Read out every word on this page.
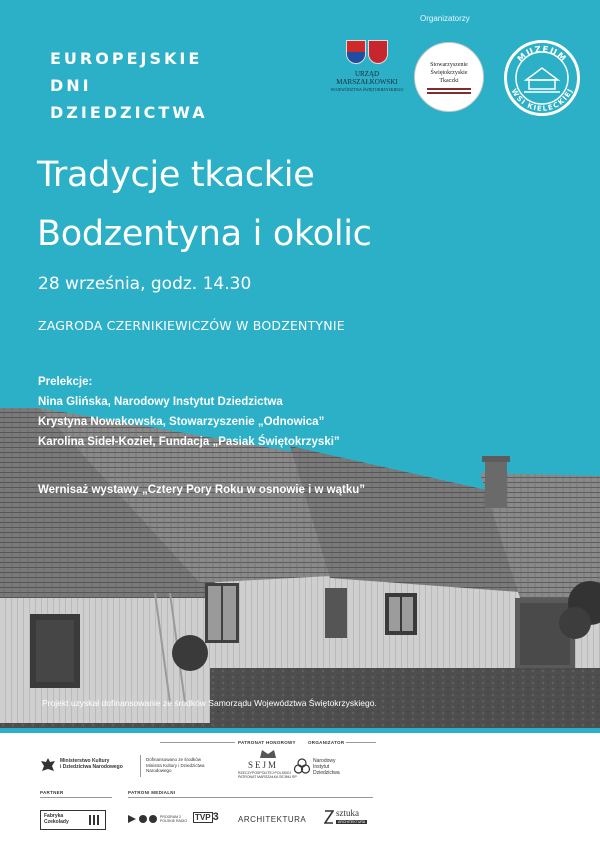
Organizatorzy
EUROPEJSKIE
DNI
DZIEDZICTWA
URZĄD MARSZAŁKOWSKI
WOJEWÓDZTWA ŚWIĘTOKRZYSKIEGO
Stowarzyszenie
Świętokrzyskie
Tkaczki
MUZEUM
WSI KIELECKIEJ
Tradycje tkackie
Bodzentyna i okolic
28 września, godz. 14.30
ZAGRODA CZERNIKIEWICZÓW W BODZENTYNIE
Prelekcje:
Nina Glińska, Narodowy Instytut Dziedzictwa
Krystyna Nowakowska, Stowarzyszenie „Odnowica”
Karolina Sideł-Kozieł, Fundacja „Pasiak Świętokrzyski”
Wernisaż wystawy „Cztery Pory Roku w osnowie i w wątku”
Projekt uzyskał dofinansowanie ze środków Samorządu Województwa Świętokrzyskiego.
PATRONAT HONOROWY	ORGANIZATOR
Ministerstwo Kultury
i Dziedzictwa Narodowego
Dofinansowano ze środków
Ministra Kultury i Dziedzictwa
Narodowego
SEJM
RZECZYPOSPOLITEJ POLSKIEJ
PATRONAT MARSZAŁKA SEJMU RP
Narodowy
Instytut
Dziedzictwa
PARTNER	PATRONI MEDIALNI
Fabryka
Czekolady
PROGRAM 2
POLSKIE RADIO TVP 3 ARCHITEKTURA
sztuka
ARCHITEKTURA
